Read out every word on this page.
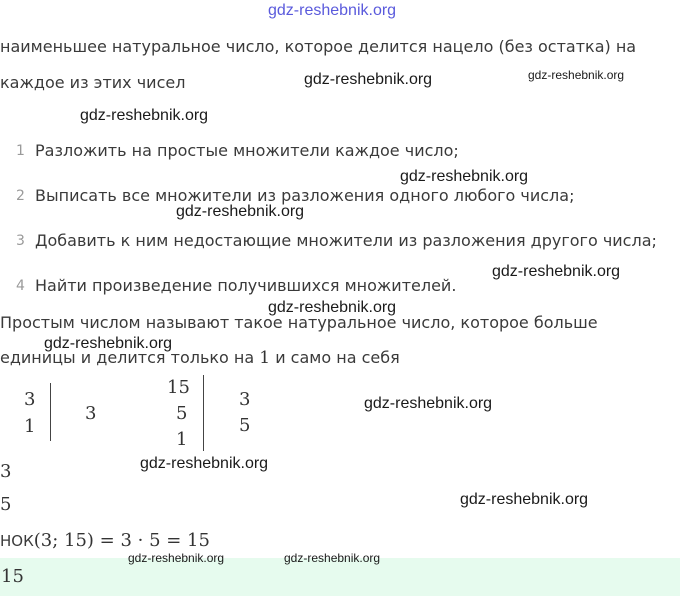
gdz-reshebnik.org
наименьшее натуральное число, которое делится нацело (без остатка) на
каждое из этих чисел
1 Разложить на простые множители каждое число;
2 Выписать все множители из разложения одного любого числа;
3 Добавить к ним недостающие множители из разложения другого числа;
4 Найти произведение получившихся множителей.
Простым числом называют такое натуральное число, которое больше
единицы и делится только на 1 и само на себя
3
1
3
15
5
1
3
5
3
5
НОК(3; 15) = 3 · 5 = 15
15
gdz-reshebnik.org	gdz-reshebnik.org
gdz-reshebnik.org
gdz-reshebnik.org
gdz-reshebnik.org
gdz-reshebnik.org
gdz-reshebnik.org
gdz-reshebnik.org
gdz-reshebnik.org
gdz-reshebnik.org
gdz-reshebnik.org
gdz-reshebnik.org	gdz-reshebnik.org
